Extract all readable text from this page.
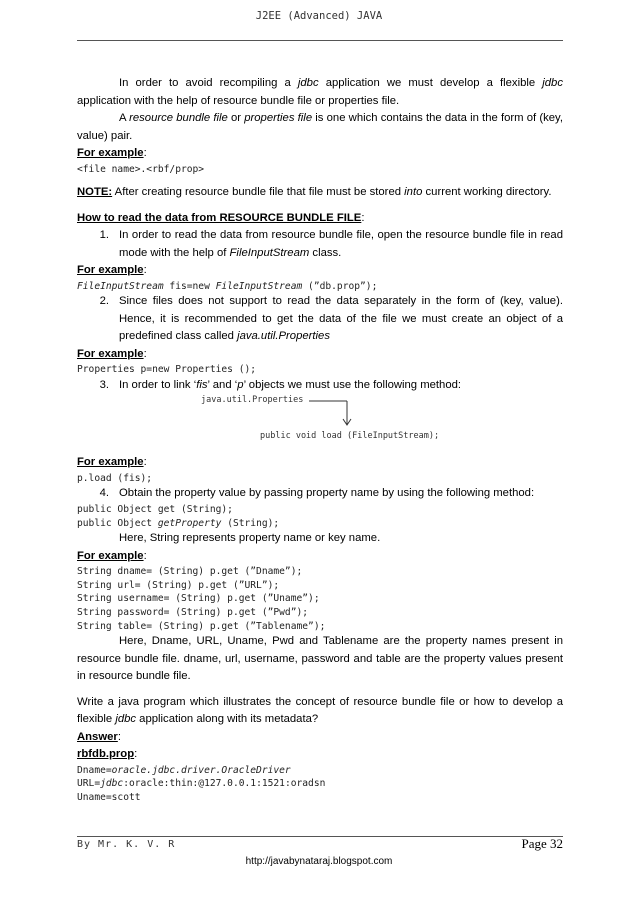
J2EE (Advanced) JAVA

In order to avoid recompiling a jdbc application we must develop a flexible jdbc application with the help of resource bundle file or properties file.

A resource bundle file or properties file is one which contains the data in the form of (key, value) pair.

For example:

<file name>.<rbf/prop>

NOTE: After creating resource bundle file that file must be stored into current working directory.

How to read the data from RESOURCE BUNDLE FILE:

1. In order to read the data from resource bundle file, open the resource bundle file in read mode with the help of FileInputStream class.

For example:

FileInputStream fis=new FileInputStream (”db.prop”);

2. Since files does not support to read the data separately in the form of (key, value). Hence, it is recommended to get the data of the file we must create an object of a predefined class called java.util.Properties

For example:

Properties p=new Properties ();

3. In order to link ‘fis’ and ‘p’ objects we must use the following method:
java.util.Properties
public void load (FileInputStream);

For example:

p.load (fis);

4. Obtain the property value by passing property name by using the following method:

public Object get (String);

public Object getProperty (String);

Here, String represents property name or key name.

For example:

String dname= (String) p.get (”Dname”);

String url= (String) p.get (”URL”);

String username= (String) p.get (”Uname”);

String password= (String) p.get (”Pwd”);

String table= (String) p.get (”Tablename”);

Here, Dname, URL, Uname, Pwd and Tablename are the property names present in resource bundle file. dname, url, username, password and table are the property values present in resource bundle file.

Write a java program which illustrates the concept of resource bundle file or how to develop a flexible jdbc application along with its metadata?

Answer:

rbfdb.prop:

Dname=oracle.jdbc.driver.OracleDriver

URL=jdbc:oracle:thin:@127.0.0.1:1521:oradsn

Uname=scott

By Mr. K. V. R	Page 32
http://javabynataraj.blogspot.com
